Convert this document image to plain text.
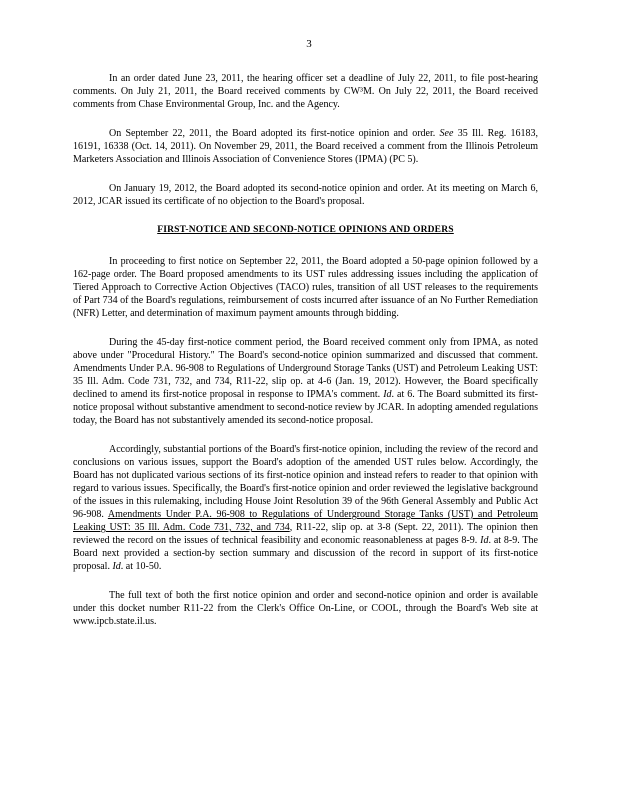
3

In an order dated June 23, 2011, the hearing officer set a deadline of July 22, 2011, to file post-hearing comments. On July 21, 2011, the Board received comments by CW³M. On July 22, 2011, the Board received comments from Chase Environmental Group, Inc. and the Agency.

On September 22, 2011, the Board adopted its first-notice opinion and order. See 35 Ill. Reg. 16183, 16191, 16338 (Oct. 14, 2011). On November 29, 2011, the Board received a comment from the Illinois Petroleum Marketers Association and Illinois Association of Convenience Stores (IPMA) (PC 5).

On January 19, 2012, the Board adopted its second-notice opinion and order. At its meeting on March 6, 2012, JCAR issued its certificate of no objection to the Board's proposal.

FIRST-NOTICE AND SECOND-NOTICE OPINIONS AND ORDERS

In proceeding to first notice on September 22, 2011, the Board adopted a 50-page opinion followed by a 162-page order. The Board proposed amendments to its UST rules addressing issues including the application of Tiered Approach to Corrective Action Objectives (TACO) rules, transition of all UST releases to the requirements of Part 734 of the Board's regulations, reimbursement of costs incurred after issuance of an No Further Remediation (NFR) Letter, and determination of maximum payment amounts through bidding.

During the 45-day first-notice comment period, the Board received comment only from IPMA, as noted above under "Procedural History." The Board's second-notice opinion summarized and discussed that comment. Amendments Under P.A. 96-908 to Regulations of Underground Storage Tanks (UST) and Petroleum Leaking UST: 35 Ill. Adm. Code 731, 732, and 734, R11-22, slip op. at 4-6 (Jan. 19, 2012). However, the Board specifically declined to amend its first-notice proposal in response to IPMA's comment. Id. at 6. The Board submitted its first-notice proposal without substantive amendment to second-notice review by JCAR. In adopting amended regulations today, the Board has not substantively amended its second-notice proposal.

Accordingly, substantial portions of the Board's first-notice opinion, including the review of the record and conclusions on various issues, support the Board's adoption of the amended UST rules below. Accordingly, the Board has not duplicated various sections of its first-notice opinion and instead refers to reader to that opinion with regard to various issues. Specifically, the Board's first-notice opinion and order reviewed the legislative background of the issues in this rulemaking, including House Joint Resolution 39 of the 96th General Assembly and Public Act 96-908. Amendments Under P.A. 96-908 to Regulations of Underground Storage Tanks (UST) and Petroleum Leaking UST: 35 Ill. Adm. Code 731, 732, and 734, R11-22, slip op. at 3-8 (Sept. 22, 2011). The opinion then reviewed the record on the issues of technical feasibility and economic reasonableness at pages 8-9. Id. at 8-9. The Board next provided a section-by section summary and discussion of the record in support of its first-notice proposal. Id. at 10-50.

The full text of both the first notice opinion and order and second-notice opinion and order is available under this docket number R11-22 from the Clerk's Office On-Line, or COOL, through the Board's Web site at www.ipcb.state.il.us.
